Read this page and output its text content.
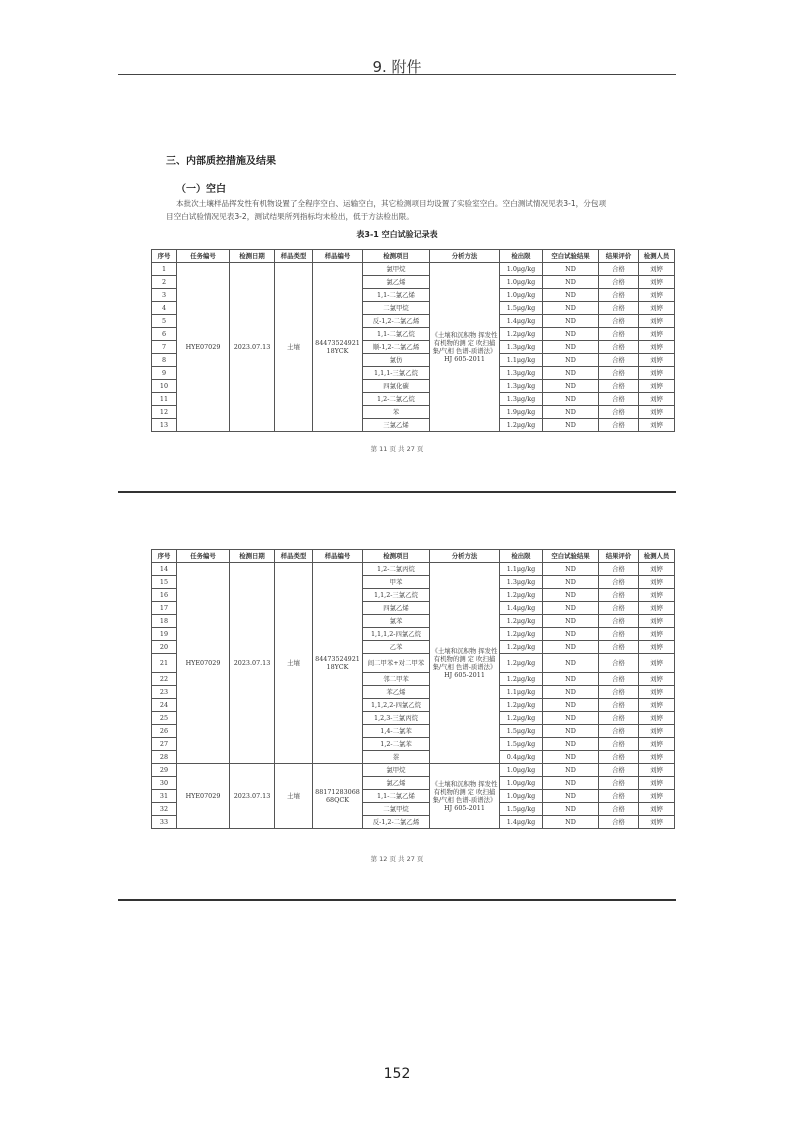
9. 附件
三、内部质控措施及结果
（一）空白
本批次土壤样品挥发性有机物设置了全程序空白、运输空白，其它检测项目均设置了实验室空白。空白测试情况见表3-1，分包项
目空白试验情况见表3-2，测试结果所列指标均未检出，低于方法检出限。
表3-1 空白试验记录表
序号	任务编号	检测日期	样品类型	样品编号	检测项目	分析方法	检出限	空白试验结果	结果评价	检测人员
1	HYE07029	2023.07.13	土壤	84473524921 18YCK	氯甲烷	《土壤和沉积物 挥发性有机物的测 定 吹扫捕集/气相 色谱-质谱法》 HJ 605-2011	1.0μg/kg	ND	合格	刘婷
2					氯乙烯		1.0μg/kg	ND	合格	刘婷
3					1,1-二氯乙烯		1.0μg/kg	ND	合格	刘婷
4					二氯甲烷		1.5μg/kg	ND	合格	刘婷
5					反-1,2-二氯乙烯		1.4μg/kg	ND	合格	刘婷
6					1,1-二氯乙烷		1.2μg/kg	ND	合格	刘婷
7					顺-1,2-二氯乙烯		1.3μg/kg	ND	合格	刘婷
8					氯仿		1.1μg/kg	ND	合格	刘婷
9					1,1,1-三氯乙烷		1.3μg/kg	ND	合格	刘婷
10					四氯化碳		1.3μg/kg	ND	合格	刘婷
11					1,2-二氯乙烷		1.3μg/kg	ND	合格	刘婷
12					苯		1.9μg/kg	ND	合格	刘婷
13					三氯乙烯		1.2μg/kg	ND	合格	刘婷
第 11 页 共 27 页
序号	任务编号	检测日期	样品类型	样品编号	检测项目	分析方法	检出限	空白试验结果	结果评价	检测人员
14	HYE07029	2023.07.13	土壤	84473524921 18YCK	1,2-二氯丙烷	《土壤和沉积物 挥发性有机物的测 定 吹扫捕集/气相 色谱-质谱法》 HJ 605-2011	1.1μg/kg	ND	合格	刘婷
15					甲苯		1.3μg/kg	ND	合格	刘婷
16					1,1,2-三氯乙烷		1.2μg/kg	ND	合格	刘婷
17					四氯乙烯		1.4μg/kg	ND	合格	刘婷
18					氯苯		1.2μg/kg	ND	合格	刘婷
19					1,1,1,2-四氯乙烷		1.2μg/kg	ND	合格	刘婷
20					乙苯		1.2μg/kg	ND	合格	刘婷
21					间二甲苯+对二甲苯		1.2μg/kg	ND	合格	刘婷
22					邻二甲苯		1.2μg/kg	ND	合格	刘婷
23					苯乙烯		1.1μg/kg	ND	合格	刘婷
24					1,1,2,2-四氯乙烷		1.2μg/kg	ND	合格	刘婷
25					1,2,3-三氯丙烷		1.2μg/kg	ND	合格	刘婷
26					1,4-二氯苯		1.5μg/kg	ND	合格	刘婷
27					1,2-二氯苯		1.5μg/kg	ND	合格	刘婷
28					萘		0.4μg/kg	ND	合格	刘婷
29	HYE07029	2023.07.13	土壤	88171283068 68QCK	氯甲烷	《土壤和沉积物 挥发性有机物的测 定 吹扫捕集/气相 色谱-质谱法》 HJ 605-2011	1.0μg/kg	ND	合格	刘婷
30					氯乙烯		1.0μg/kg	ND	合格	刘婷
31					1,1-二氯乙烯		1.0μg/kg	ND	合格	刘婷
32					二氯甲烷		1.5μg/kg	ND	合格	刘婷
33					反-1,2-二氯乙烯		1.4μg/kg	ND	合格	刘婷
第 12 页 共 27 页
152
